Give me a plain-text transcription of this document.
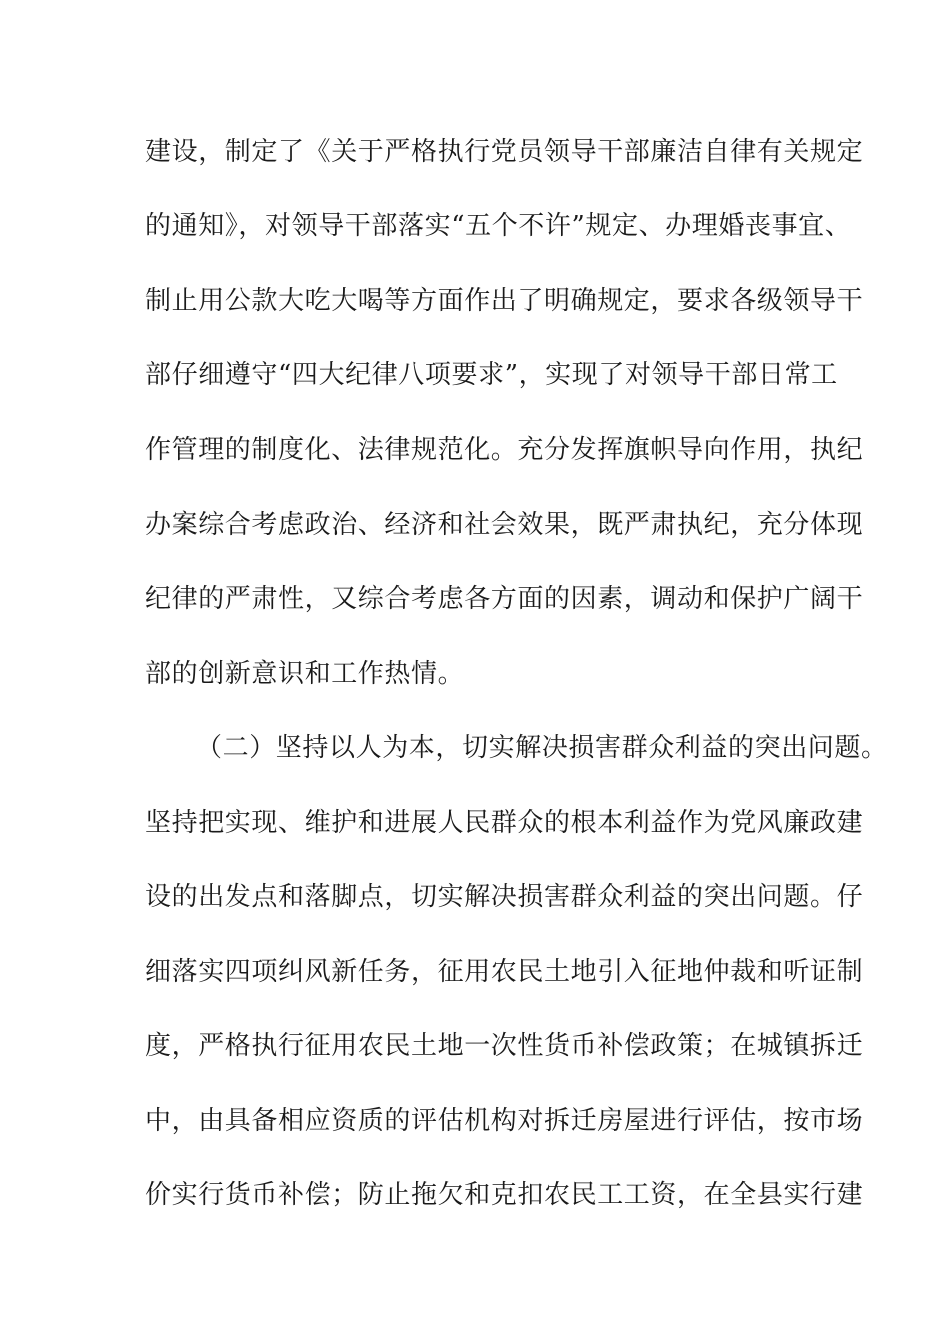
建设，制定了《关于严格执行党员领导干部廉洁自律有关规定
的通知》，对领导干部落实“五个不许”规定、办理婚丧事宜、
制止用公款大吃大喝等方面作出了明确规定，要求各级领导干
部仔细遵守“四大纪律八项要求”，实现了对领导干部日常工
作管理的制度化、法律规范化。充分发挥旗帜导向作用，执纪
办案综合考虑政治、经济和社会效果，既严肃执纪，充分体现
纪律的严肃性，又综合考虑各方面的因素，调动和保护广阔干
部的创新意识和工作热情。
（二）坚持以人为本，切实解决损害群众利益的突出问题。
坚持把实现、维护和进展人民群众的根本利益作为党风廉政建
设的出发点和落脚点，切实解决损害群众利益的突出问题。仔
细落实四项纠风新任务，征用农民土地引入征地仲裁和听证制
度，严格执行征用农民土地一次性货币补偿政策；在城镇拆迁
中，由具备相应资质的评估机构对拆迁房屋进行评估，按市场
价实行货币补偿；防止拖欠和克扣农民工工资，在全县实行建
